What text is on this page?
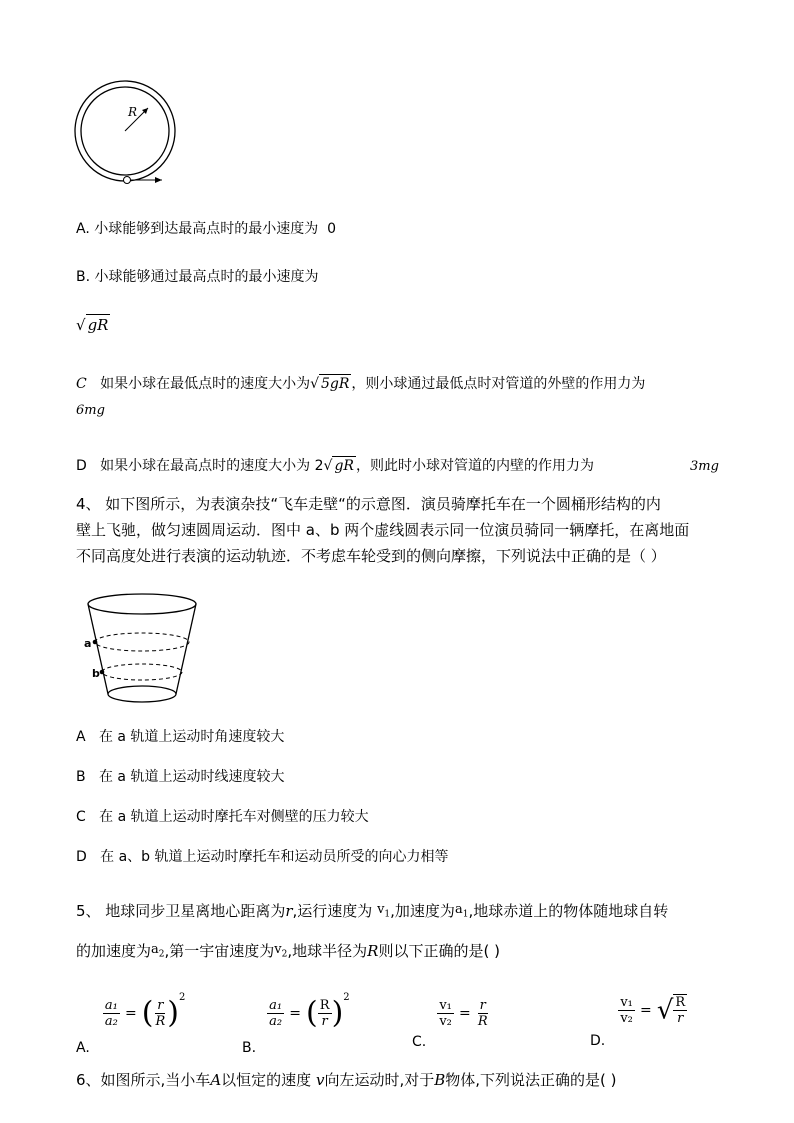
R
A. 小球能够到达最高点时的最小速度为 0
B. 小球能够通过最高点时的最小速度为
√ gR
C 如果小球在最低点时的速度大小为√ 5gR ，则小球通过最低点时对管道的外壁的作用力为
6mg
D 如果小球在最高点时的速度大小为 2√ gR ，则此时小球对管道的内壁的作用力为	3mg
4、 如下图所示，为表演杂技“飞车走壁“的示意图．演员骑摩托车在一个圆桶形结构的内
壁上飞驰，做匀速圆周运动．图中 a、b 两个虚线圆表示同一位演员骑同一辆摩托，在离地面
不同高度处进行表演的运动轨迹．不考虑车轮受到的侧向摩擦，下列说法中正确的是（ ）
a
b
A 在 a 轨道上运动时角速度较大
B 在 a 轨道上运动时线速度较大
C 在 a 轨道上运动时摩托车对侧壁的压力较大
D 在 a、b 轨道上运动时摩托车和运动员所受的向心力相等
5、 地球同步卫星离地心距离为r,运行速度为 $v_1$,加速度为$a_1$,地球赤道上的物体随地球自转
的加速度为$a_2$,第一宇宙速度为$v_2$,地球半径为R则以下正确的是( )
A.
$\frac{\text{a₁}}{\text{a₂}}$ = ( $\frac{r}{R} )^2$
B.
$\frac{\text{a₁}}{\text{a₂}}$ = ( $\frac{R}{r} )^2$
C.
$\frac{\text{v₁}}{\text{v₂}} = \frac{r}{R}$
D.
$\frac{\text{v₁}}{\text{v₂}}$ = √ $\frac{R}{r}$
6、如图所示,当小车A以恒定的速度 v向左运动时,对于B物体,下列说法正确的是( )
